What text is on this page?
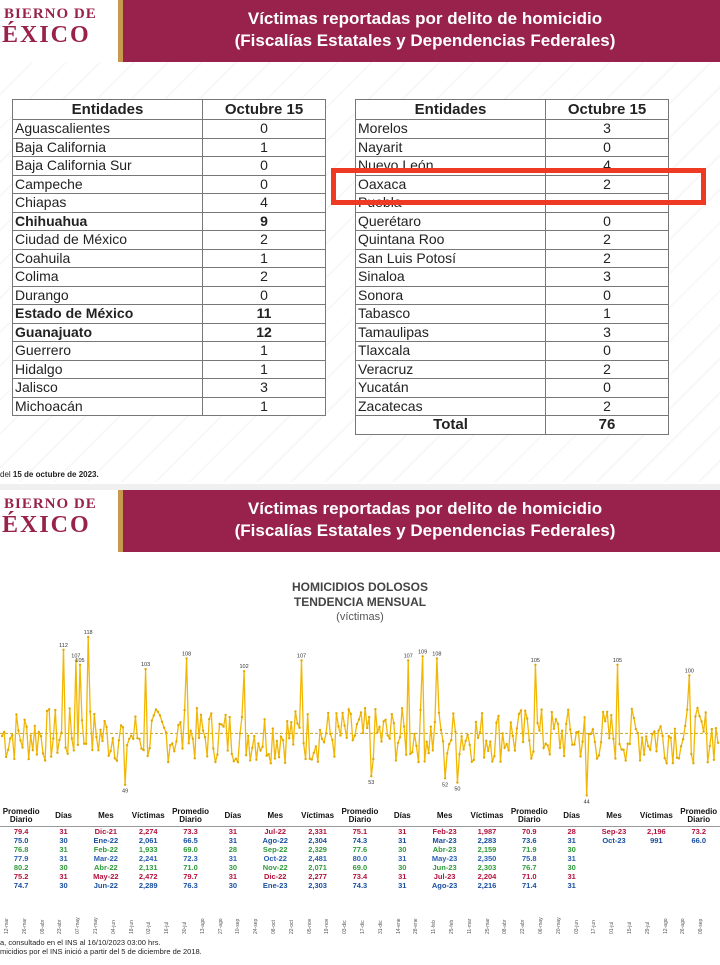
BIERNO DE
ÉXICO
Víctimas reportadas por delito de homicidio
(Fiscalías Estatales y Dependencias Federales)
Entidades	Octubre 15
Aguascalientes	0
Baja California	1
Baja California Sur	0
Campeche	0
Chiapas	4
Chihuahua	9
Ciudad de México	2
Coahuila	1
Colima	2
Durango	0
Estado de México	11
Guanajuato	12
Guerrero	1
Hidalgo	1
Jalisco	3
Michoacán	1
Entidades	Octubre 15
Morelos	3
Nayarit	0
Nuevo León	4
Oaxaca	2
Puebla	
Querétaro	0
Quintana Roo	2
San Luis Potosí	2
Sinaloa	3
Sonora	0
Tabasco	1
Tamaulipas	3
Tlaxcala	0
Veracruz	2
Yucatán	0
Zacatecas	2
Total	76
del 15 de octubre de 2023.
BIERNO DE
ÉXICO
Víctimas reportadas por delito de homicidio
(Fiscalías Estatales y Dependencias Federales)
HOMICIDIOS DOLOSOS
TENDENCIA MENSUAL
(víctimas)
112
118
107
105
49
103
108
102
107
53
107
109 108
52
50
105
44
105
100
Promedio Diario	Días	Mes	Víctimas	Promedio Diario	Días	Mes	Víctimas	Promedio Diario	Días	Mes	Víctimas	Promedio Diario	Días	Mes	Víctimas	Promedio Diario
79.4	31	Dic-21	2,274	73.3	31	Jul-22	2,331	75.1	31	Feb-23	1,987	70.9	28	Sep-23	2,196	73.2
75.0	30	Ene-22	2,061	66.5	31	Ago-22	2,304	74.3	31	Mar-23	2,283	73.6	31	Oct-23	991	66.0
76.8	31	Feb-22	1,933	69.0	28	Sep-22	2,329	77.6	30	Abr-23	2,159	71.9	30			
77.9	31	Mar-22	2,241	72.3	31	Oct-22	2,481	80.0	31	May-23	2,350	75.8	31			
80.2	30	Abr-22	2,131	71.0	30	Nov-22	2,071	69.0	30	Jun-23	2,303	76.7	30			
75.2	31	May-22	2,472	79.7	31	Dic-22	2,277	73.4	31	Jul-23	2,204	71.0	31			
74.7	30	Jun-22	2,289	76.3	30	Ene-23	2,303	74.3	31	Ago-23	2,216	71.4	31			
12-mar 26-mar 09-abr 23-abr 07-may 21-may 04-jun 18-jun 02-jul 16-jul 30-jul 13-ago 27-ago 10-sep 24-sep 08-oct 22-oct 05-nov 19-nov 03-dic 17-dic 31-dic 14-ene 28-ene 11-feb 25-feb 11-mar 25-mar 08-abr 22-abr 06-may 20-may 03-jun 17-jun 01-jul 15-jul 29-jul 12-ago 26-ago 09-sep
a, consultado en el INS al 16/10/2023 03:00 hrs.
micidios por el INS inició a partir del 5 de diciembre de 2018.
